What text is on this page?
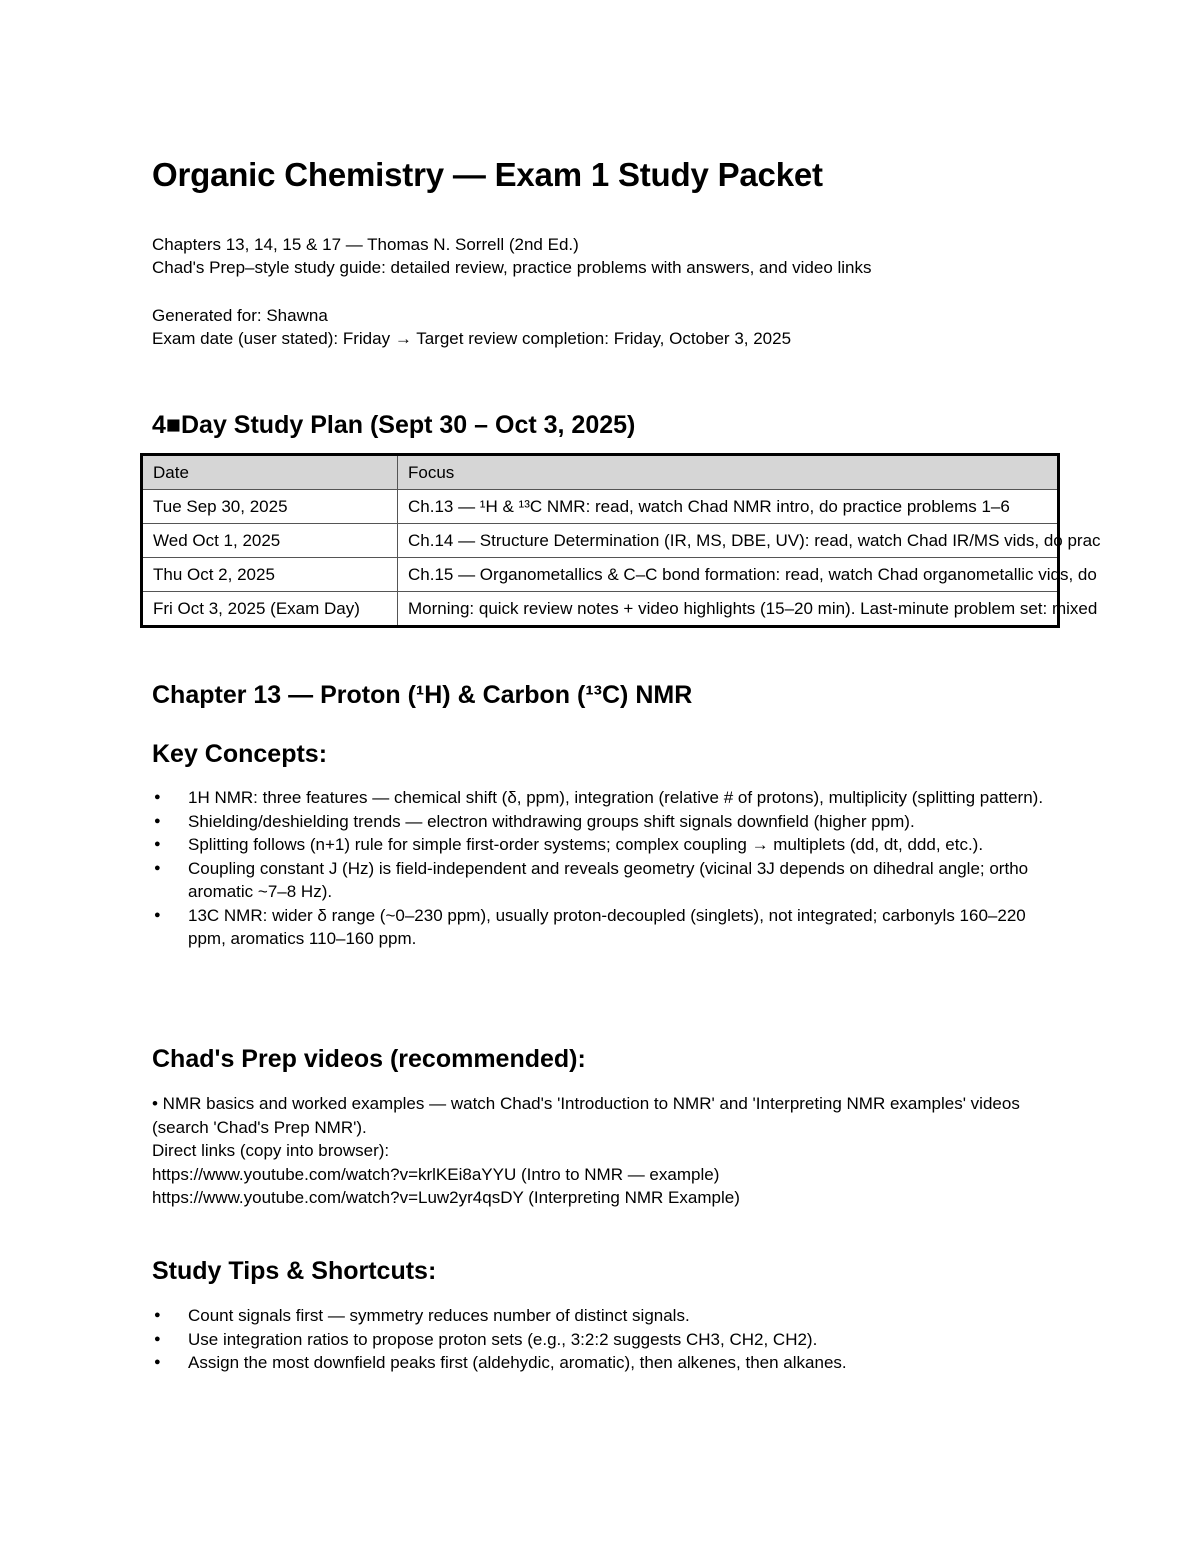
Organic Chemistry — Exam 1 Study Packet
Chapters 13, 14, 15 & 17 — Thomas N. Sorrell (2nd Ed.)
Chad's Prep–style study guide: detailed review, practice problems with answers, and video links
Generated for: Shawna
Exam date (user stated): Friday → Target review completion: Friday, October 3, 2025
4■Day Study Plan (Sept 30 – Oct 3, 2025)
Date	Focus
Tue Sep 30, 2025	Ch.13 — ¹H & ¹³C NMR: read, watch Chad NMR intro, do practice problems 1–6
Wed Oct 1, 2025	Ch.14 — Structure Determination (IR, MS, DBE, UV): read, watch Chad IR/MS vids, do prac
Thu Oct 2, 2025	Ch.15 — Organometallics & C–C bond formation: read, watch Chad organometallic vids, do
Fri Oct 3, 2025 (Exam Day)	Morning: quick review notes + video highlights (15–20 min). Last-minute problem set: mixed
Chapter 13 — Proton (¹H) & Carbon (¹³C) NMR
Key Concepts:
● 1H NMR: three features — chemical shift (δ, ppm), integration (relative # of protons), multiplicity (splitting pattern).
● Shielding/deshielding trends — electron withdrawing groups shift signals downfield (higher ppm).
● Splitting follows (n+1) rule for simple first-order systems; complex coupling → multiplets (dd, dt, ddd, etc.).
● Coupling constant J (Hz) is field-independent and reveals geometry (vicinal 3J depends on dihedral angle; ortho aromatic ~7–8 Hz).
● 13C NMR: wider δ range (~0–230 ppm), usually proton-decoupled (singlets), not integrated; carbonyls 160–220 ppm, aromatics 110–160 ppm.
Chad's Prep videos (recommended):
• NMR basics and worked examples — watch Chad's 'Introduction to NMR' and 'Interpreting NMR examples' videos (search 'Chad's Prep NMR').
Direct links (copy into browser):
https://www.youtube.com/watch?v=krlKEi8aYYU (Intro to NMR — example)
https://www.youtube.com/watch?v=Luw2yr4qsDY (Interpreting NMR Example)
Study Tips & Shortcuts:
● Count signals first — symmetry reduces number of distinct signals.
● Use integration ratios to propose proton sets (e.g., 3:2:2 suggests CH3, CH2, CH2).
● Assign the most downfield peaks first (aldehydic, aromatic), then alkenes, then alkanes.
